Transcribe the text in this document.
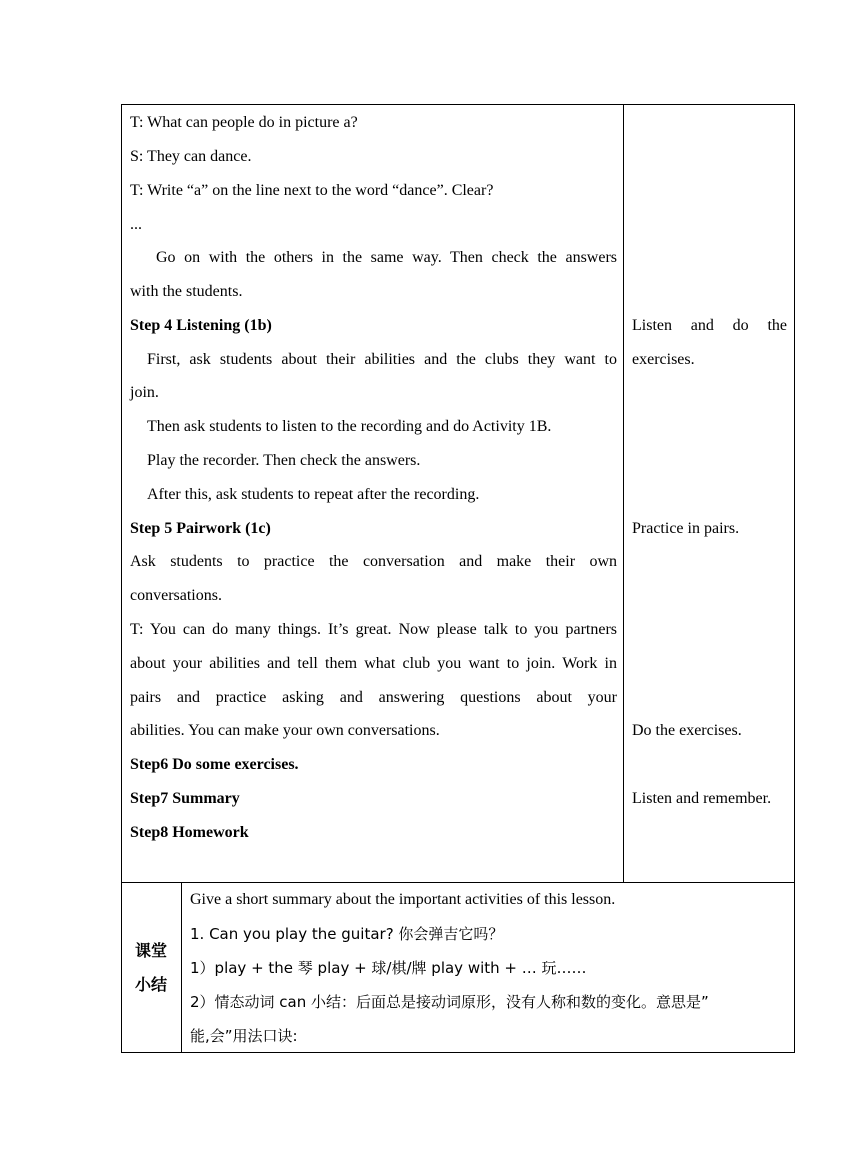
T: What can people do in picture a?
S: They can dance.
T: Write “a” on the line next to the word “dance”. Clear?
...
Go on with the others in the same way. Then check the answers
with the students.
Step 4 Listening (1b)
First, ask students about their abilities and the clubs they want to
join.
Then ask students to listen to the recording and do Activity 1B.
Play the recorder. Then check the answers.
After this, ask students to repeat after the recording.
Step 5 Pairwork (1c)
Ask students to practice the conversation and make their own
conversations.
T: You can do many things. It’s great. Now please talk to you partners
about your abilities and tell them what club you want to join. Work in
pairs and practice asking and answering questions about your
abilities. You can make your own conversations.
Step6 Do some exercises.
Step7 Summary
Step8 Homework
Listen and do the
exercises.
Practice in pairs.
Do the exercises.
Listen and remember.
课堂
小结
Give a short summary about the important activities of this lesson.
1. Can you play the guitar? 你会弹吉它吗？
1）play + the 琴 play + 球/棋/牌 play with + … 玩……
2）情态动词 can 小结：后面总是接动词原形，没有人称和数的变化。意思是”
能,会”用法口诀:
